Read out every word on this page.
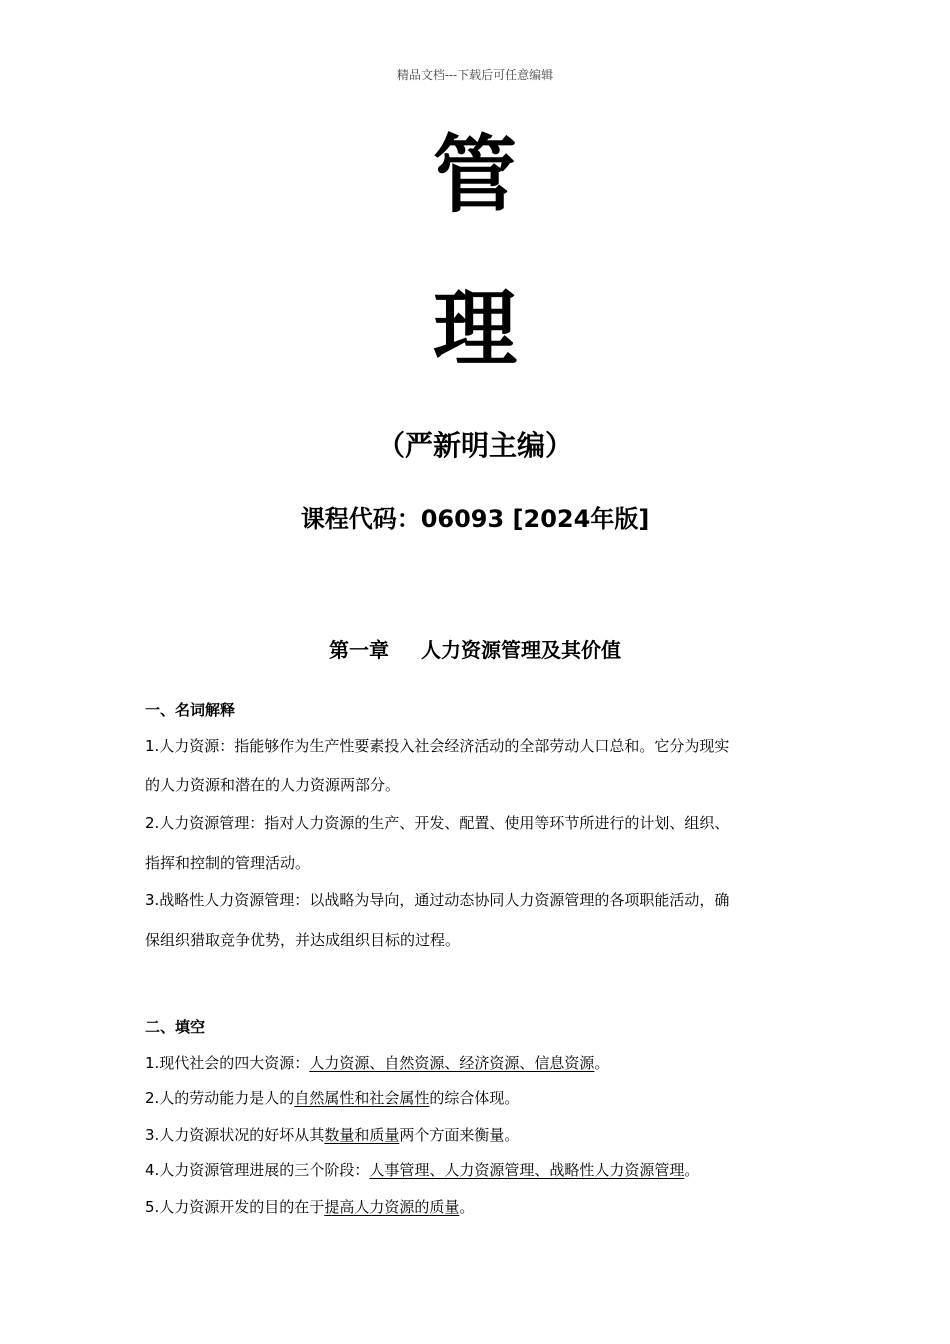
精品文档---下载后可任意编辑
管
理
（严新明主编）
课程代码：06093 [2024年版]
第一章 人力资源管理及其价值
一、名词解释
1.人力资源：指能够作为生产性要素投入社会经济活动的全部劳动人口总和。它分为现实
的人力资源和潜在的人力资源两部分。
2.人力资源管理：指对人力资源的生产、开发、配置、使用等环节所进行的计划、组织、
指挥和控制的管理活动。
3.战略性人力资源管理：以战略为导向，通过动态协同人力资源管理的各项职能活动，确
保组织猎取竞争优势，并达成组织目标的过程。
二、填空
1.现代社会的四大资源：人力资源、自然资源、经济资源、信息资源。
2.人的劳动能力是人的自然属性和社会属性的综合体现。
3.人力资源状况的好坏从其数量和质量两个方面来衡量。
4.人力资源管理进展的三个阶段：人事管理、人力资源管理、战略性人力资源管理。
5.人力资源开发的目的在于提高人力资源的质量。
